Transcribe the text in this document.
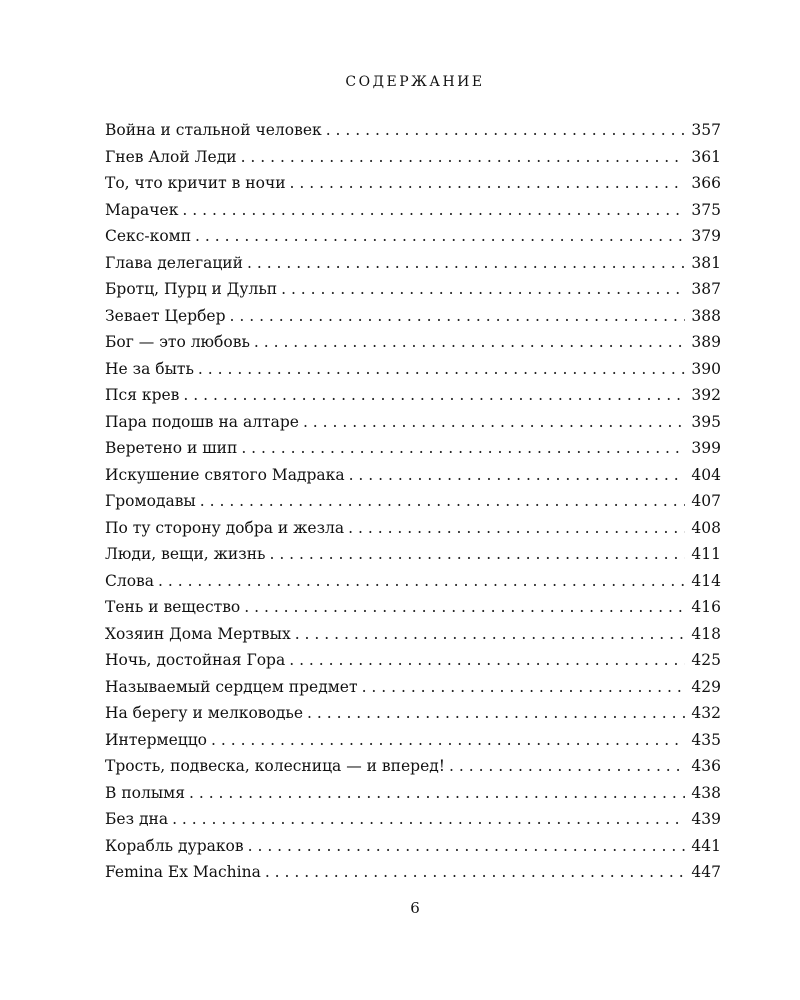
СОДЕРЖАНИЕ
Война и стальной человек . . .	357
Гнев Алой Леди . . .	361
То, что кричит в ночи . . .	366
Марачек . . .	375
Секс-комп . . .	379
Глава делегаций . . .	381
Бротц, Пурц и Дульп . . .	387
Зевает Цербер . . .	388
Бог — это любовь . . .	389
Не за быть . . .	390
Пся крев . . .	392
Пара подошв на алтаре . . .	395
Веретено и шип . . .	399
Искушение святого Мадрака . . .	404
Громодавы . . .	407
По ту сторону добра и жезла . . .	408
Люди, вещи, жизнь . . .	411
Слова . . .	414
Тень и вещество . . .	416
Хозяин Дома Мертвых . . .	418
Ночь, достойная Гора . . .	425
Называемый сердцем предмет . . .	429
На берегу и мелководье . . .	432
Интермеццо . . .	435
Трость, подвеска, колесница — и вперед! . . .	436
В полымя . . .	438
Без дна . . .	439
Корабль дураков . . .	441
Femina Ex Machina . . .	447
6
